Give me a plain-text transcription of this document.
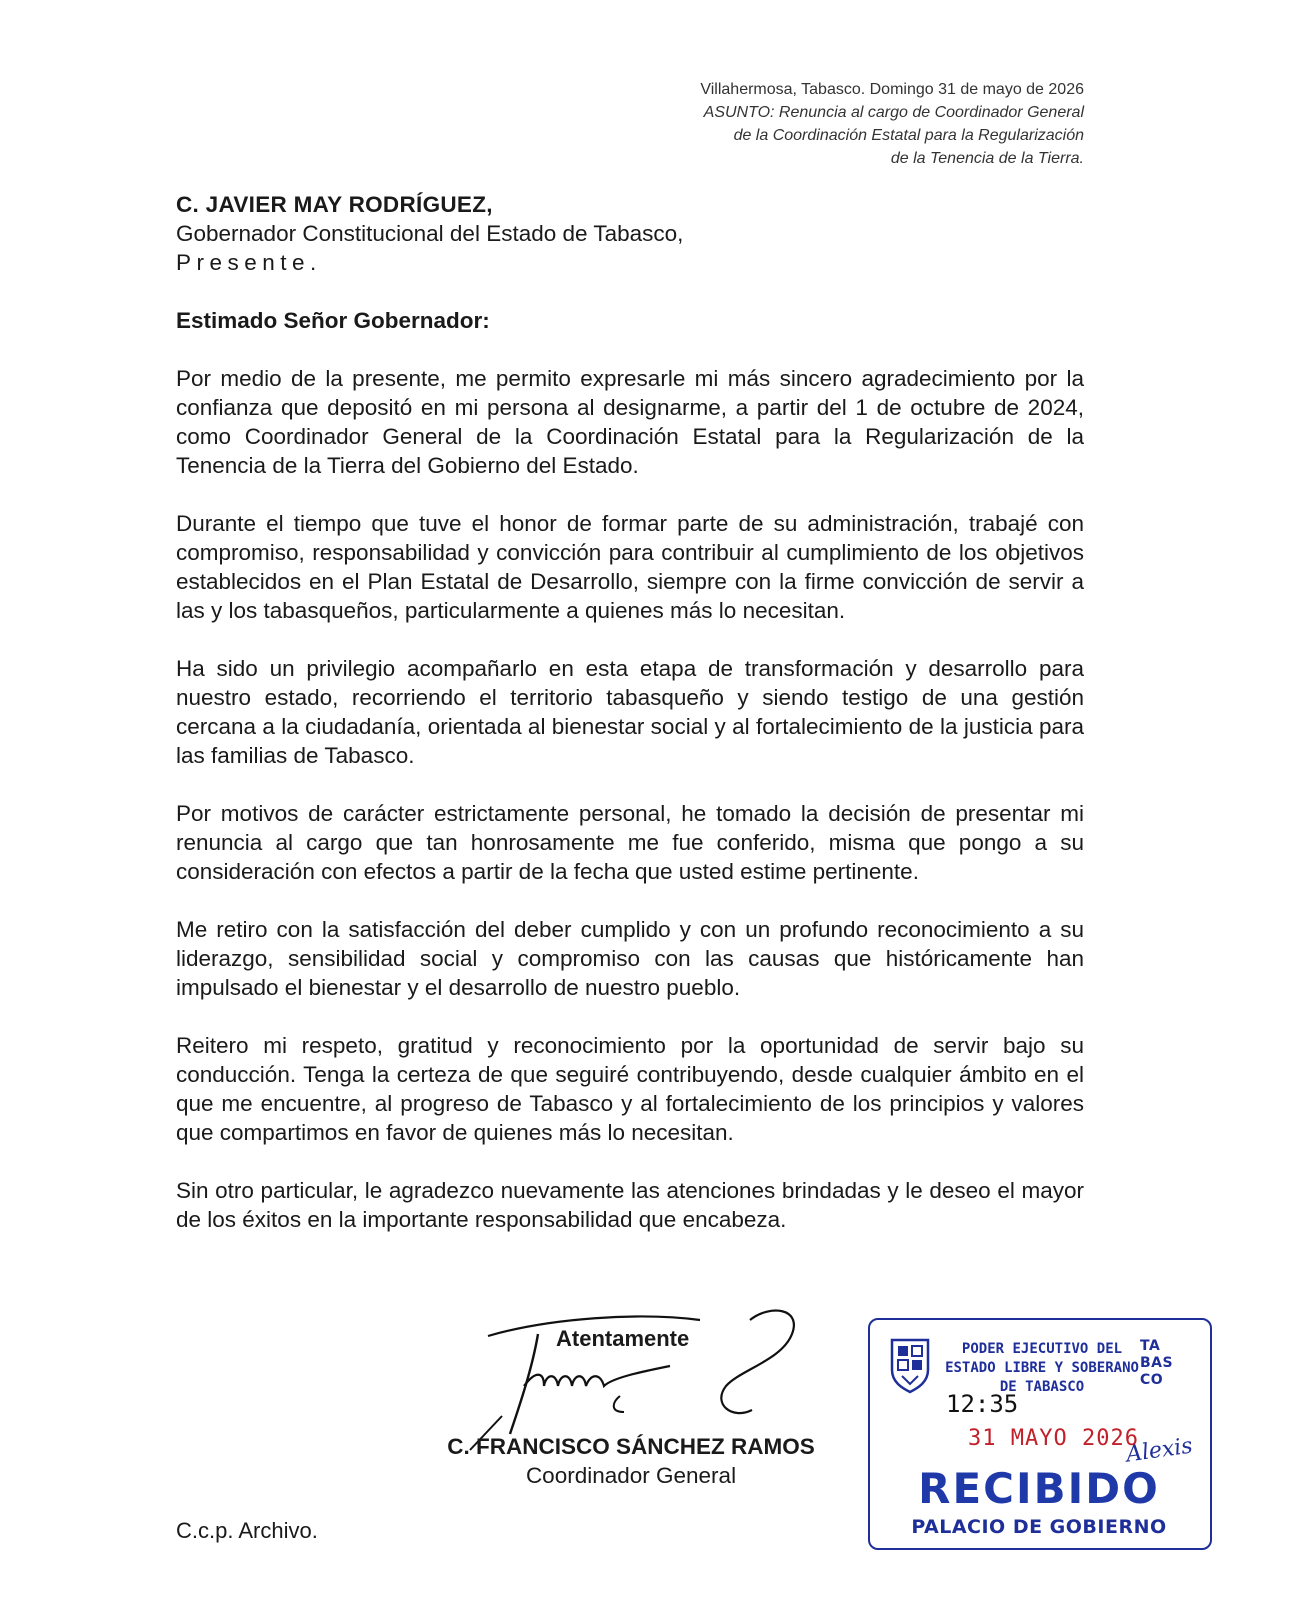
Villahermosa, Tabasco. Domingo 31 de mayo de 2026
ASUNTO: Renuncia al cargo de Coordinador General
de la Coordinación Estatal para la Regularización
de la Tenencia de la Tierra.
C. JAVIER MAY RODRÍGUEZ,
Gobernador Constitucional del Estado de Tabasco,
Presente.
Estimado Señor Gobernador:

Por medio de la presente, me permito expresarle mi más sincero agradecimiento por la confianza que depositó en mi persona al designarme, a partir del 1 de octubre de 2024, como Coordinador General de la Coordinación Estatal para la Regularización de la Tenencia de la Tierra del Gobierno del Estado.

Durante el tiempo que tuve el honor de formar parte de su administración, trabajé con compromiso, responsabilidad y convicción para contribuir al cumplimiento de los objetivos establecidos en el Plan Estatal de Desarrollo, siempre con la firme convicción de servir a las y los tabasqueños, particularmente a quienes más lo necesitan.

Ha sido un privilegio acompañarlo en esta etapa de transformación y desarrollo para nuestro estado, recorriendo el territorio tabasqueño y siendo testigo de una gestión cercana a la ciudadanía, orientada al bienestar social y al fortalecimiento de la justicia para las familias de Tabasco.

Por motivos de carácter estrictamente personal, he tomado la decisión de presentar mi renuncia al cargo que tan honrosamente me fue conferido, misma que pongo a su consideración con efectos a partir de la fecha que usted estime pertinente.

Me retiro con la satisfacción del deber cumplido y con un profundo reconocimiento a su liderazgo, sensibilidad social y compromiso con las causas que históricamente han impulsado el bienestar y el desarrollo de nuestro pueblo.

Reitero mi respeto, gratitud y reconocimiento por la oportunidad de servir bajo su conducción. Tenga la certeza de que seguiré contribuyendo, desde cualquier ámbito en el que me encuentre, al progreso de Tabasco y al fortalecimiento de los principios y valores que compartimos en favor de quienes más lo necesitan.

Sin otro particular, le agradezco nuevamente las atenciones brindadas y le deseo el mayor de los éxitos en la importante responsabilidad que encabeza.

Atentamente
C. FRANCISCO SÁNCHEZ RAMOS
Coordinador General
C.c.p. Archivo.
PODER EJECUTIVO DEL
ESTADO LIBRE Y SOBERANO
DE TABASCO
TA
BAS
CO
12:35
31 MAYO 2026
Alexis
RECIBIDO
PALACIO DE GOBIERNO
